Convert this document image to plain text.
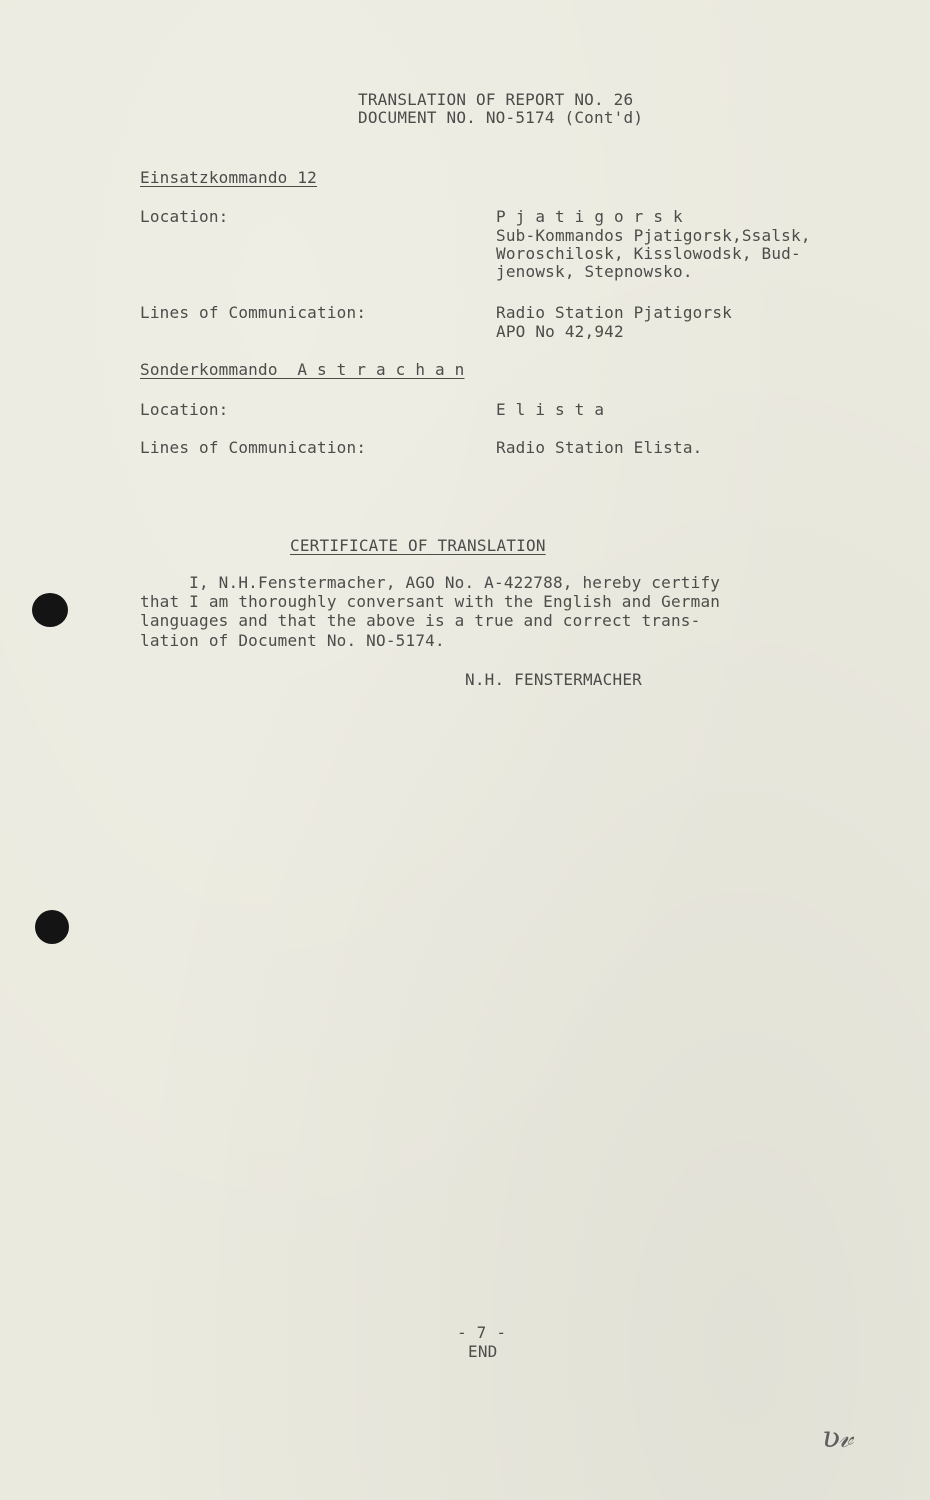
TRANSLATION OF REPORT NO. 26
DOCUMENT NO. NO-5174 (Cont'd)
Einsatzkommando 12
Location:	P j a t i g o r s k
Sub-Kommandos Pjatigorsk,Ssalsk,
Woroschilosk, Kisslowodsk, Bud-
jenowsk, Stepnowsko.
Lines of Communication:	Radio Station Pjatigorsk
APO No 42,942
Sonderkommando  A s t r a c h a n
Location:	E l i s t a
Lines of Communication:	Radio Station Elista.
CERTIFICATE OF TRANSLATION
I, N.H.Fenstermacher, AGO No. A-422788, hereby certify
that I am thoroughly conversant with the English and German
languages and that the above is a true and correct trans-
lation of Document No. NO-5174.
N.H. FENSTERMACHER
- 7 -
END
ʋ𝓋
